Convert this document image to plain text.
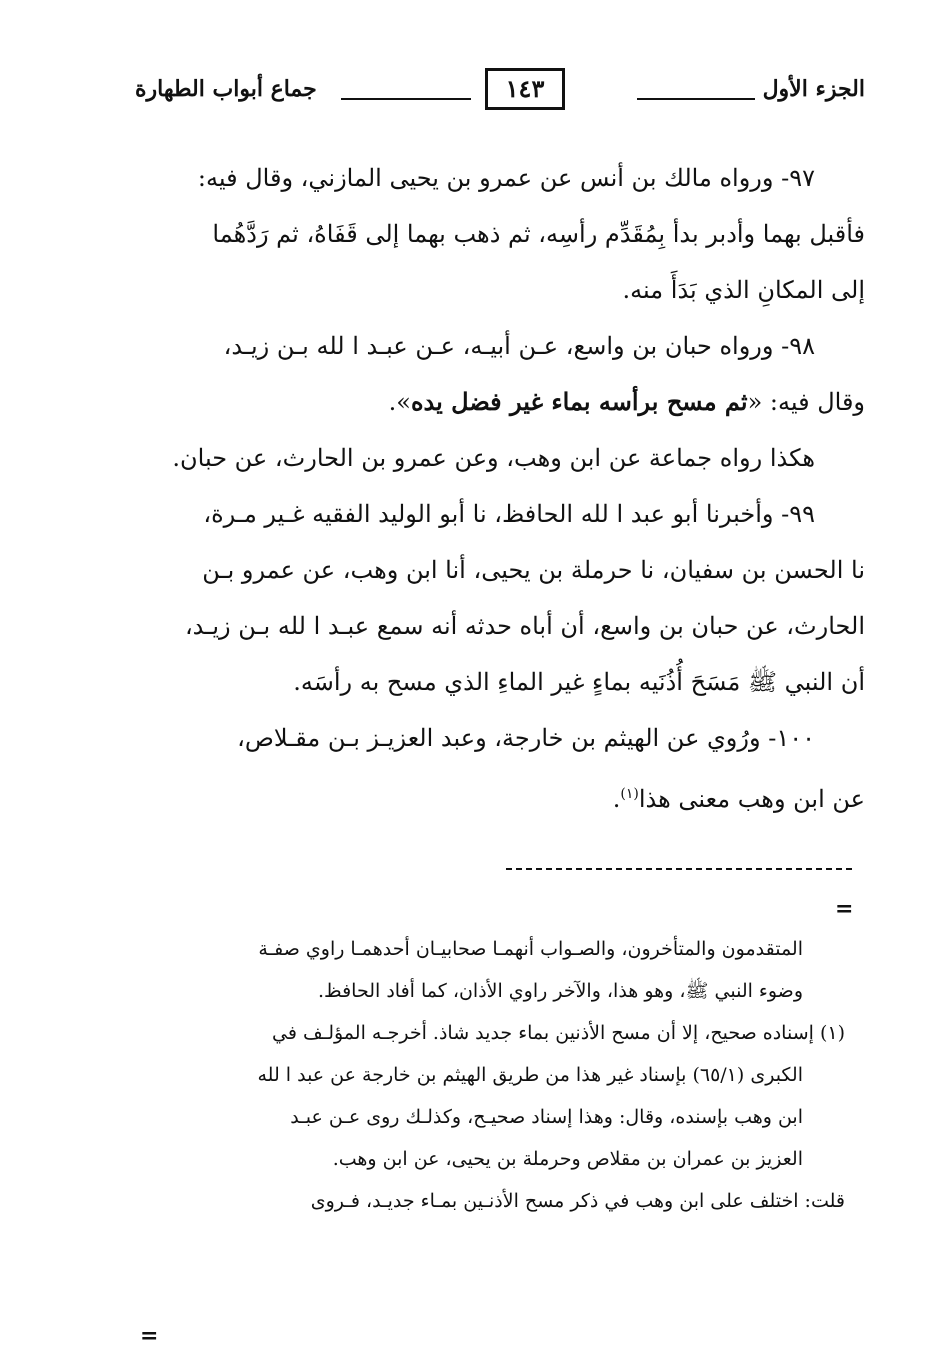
الجزء الأول
١٤٣
جماع أبواب الطهارة

٩٧- ورواه مالك بن أنس عن عمرو بن يحيى المازني، وقال فيه:

فأقبل بهما وأدبر بدأ بِمُقَدِّم رأسِه، ثم ذهب بهما إلى قَفَاهُ، ثم رَدَّهُما

إلى المكانِ الذي بَدَأَ منه.

٩٨- ورواه حبان بن واسع، عـن أبيـه، عـن عبـد ا لله بـن زيـد،

وقال فيه: «ثم مسح برأسه بماء غير فضل يده».

هكذا رواه جماعة عن ابن وهب، وعن عمرو بن الحارث، عن حبان.

٩٩- وأخبرنا أبو عبد ا لله الحافظ، نا أبو الوليد الفقيه غـير مـرة،

نا الحسن بن سفيان، نا حرملة بن يحيى، أنا ابن وهب، عن عمرو بـن

الحارث، عن حبان بن واسع، أن أباه حدثه أنه سمع عبـد ا لله بـن زيـد،

أن النبي ﷺ مَسَحَ أُذُنَيه بماءٍ غير الماءِ الذي مسح به رأسَه.

١٠٠- ورُوي عن الهيثم بن خارجة، وعبد العزيـز بـن مقـلاص،

عن ابن وهب معنى هذا$^{(١)}$.

=

المتقدمون والمتأخرون، والصـواب أنهمـا صحابيـان أحدهمـا راوي صفـة

وضوء النبي ﷺ، وهو هذا، والآخر راوي الأذان، كما أفاد الحافظ.

(١) إسناده صحيح، إلا أن مسح الأذنين بماء جديد شاذ. أخرجـه المؤلـف في

الكبرى (٦٥/١) بإسناد غير هذا من طريق الهيثم بن خارجة عن عبد ا لله

ابن وهب بإسنده، وقال: وهذا إسناد صحيـح، وكذلـك روى عـن عبـد

العزيز بن عمران بن مقلاص وحرملة بن يحيى، عن ابن وهب.

قلت: اختلف على ابن وهب في ذكر مسح الأذنـين بمـاء جديـد، فـروى

=
